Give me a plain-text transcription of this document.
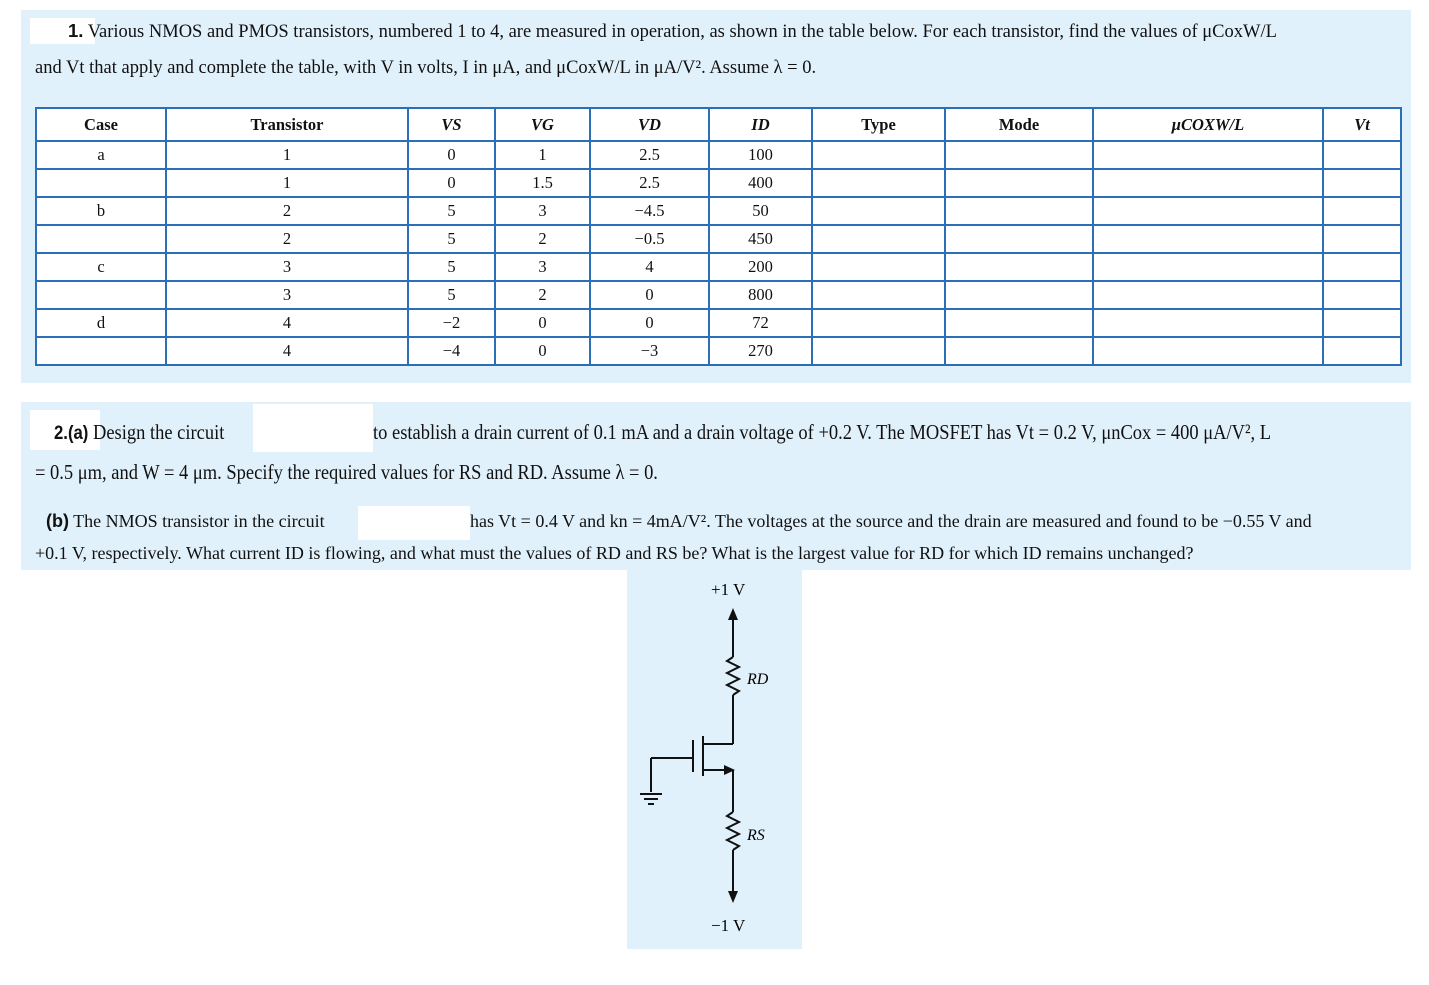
1. Various NMOS and PMOS transistors, numbered 1 to 4, are measured in operation, as shown in the table below. For each transistor, find the values of μCoxW/L
and Vt that apply and complete the table, with V in volts, I in μA, and μCoxW/L in μA/V². Assume λ = 0.
Case	Transistor	VS	VG	VD	ID	Type	Mode	μCOXW/L	Vt
a	1	0	1	2.5	100				
	1	0	1.5	2.5	400				
b	2	5	3	−4.5	50				
	2	5	2	−0.5	450				
c	3	5	3	4	200				
	3	5	2	0	800				
d	4	−2	0	0	72				
	4	−4	0	−3	270				
2.(a) Design the circuit	to establish a drain current of 0.1 mA and a drain voltage of +0.2 V. The MOSFET has Vt = 0.2 V, μnCox = 400 μA/V², L
= 0.5 μm, and W = 4 μm. Specify the required values for RS and RD. Assume λ = 0.
(b) The NMOS transistor in the circuit	has Vt = 0.4 V and kn = 4mA/V². The voltages at the source and the drain are measured and found to be −0.55 V and
+0.1 V, respectively. What current ID is flowing, and what must the values of RD and RS be? What is the largest value for RD for which ID remains unchanged?
+1 V
−1 V
RD
RS
